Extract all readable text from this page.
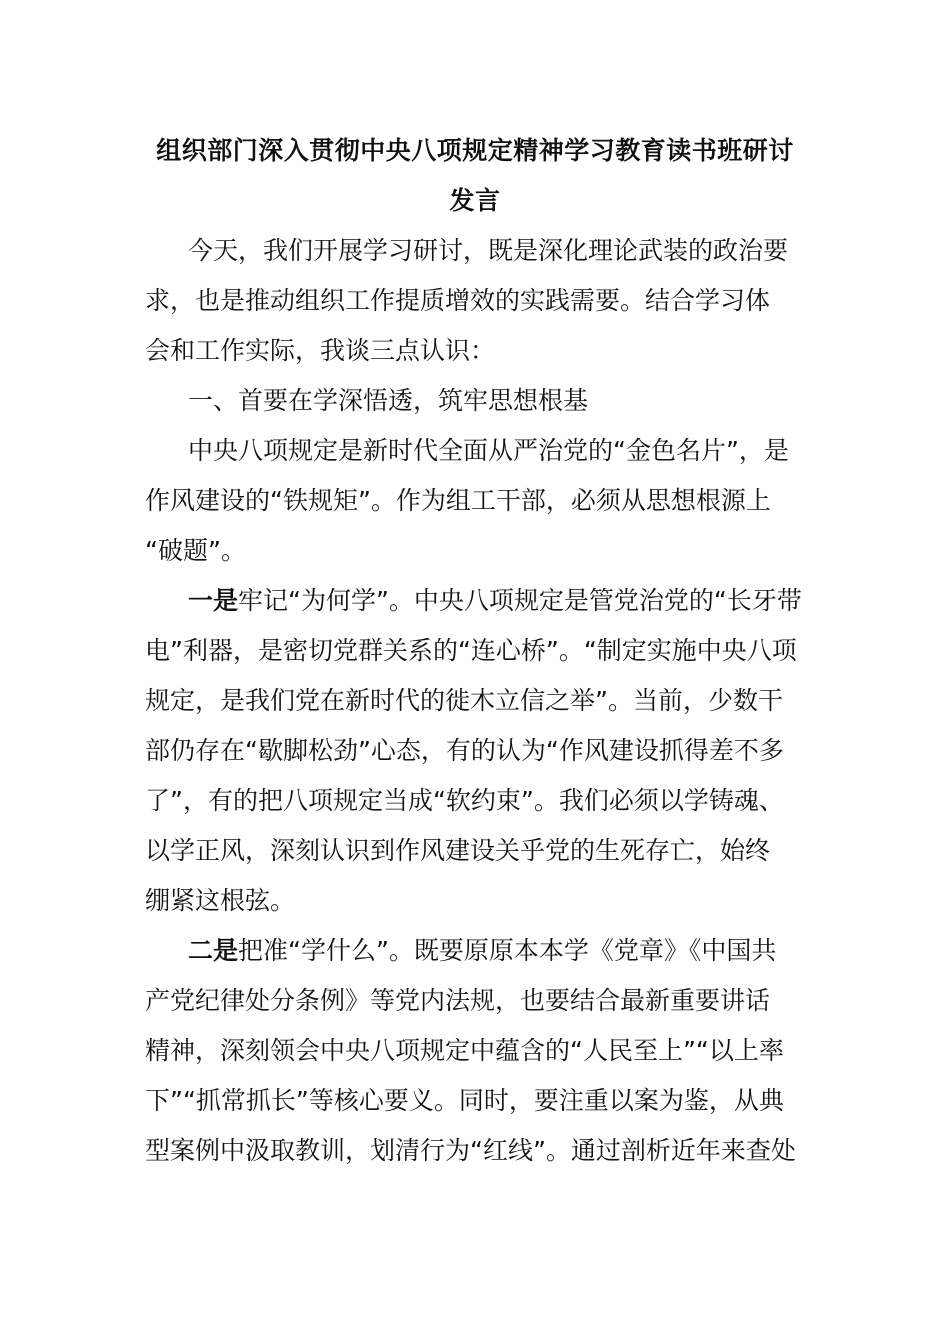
组织部门深入贯彻中央八项规定精神学习教育读书班研讨
发言

今天，我们开展学习研讨，既是深化理论武装的政治要

求，也是推动组织工作提质增效的实践需要。结合学习体

会和工作实际，我谈三点认识：

一、首要在学深悟透，筑牢思想根基

中央八项规定是新时代全面从严治党的“金色名片”，是

作风建设的“铁规矩”。作为组工干部，必须从思想根源上

“破题”。

一是牢记“为何学”。中央八项规定是管党治党的“长牙带

电”利器，是密切党群关系的“连心桥”。“制定实施中央八项

规定，是我们党在新时代的徙木立信之举”。当前，少数干

部仍存在“歇脚松劲”心态，有的认为“作风建设抓得差不多

了”，有的把八项规定当成“软约束”。我们必须以学铸魂、

以学正风，深刻认识到作风建设关乎党的生死存亡，始终

绷紧这根弦。

二是把准“学什么”。既要原原本本学《党章》《中国共

产党纪律处分条例》等党内法规，也要结合最新重要讲话

精神，深刻领会中央八项规定中蕴含的“人民至上”“以上率

下”“抓常抓长”等核心要义。同时，要注重以案为鉴，从典

型案例中汲取教训，划清行为“红线”。通过剖析近年来查处
